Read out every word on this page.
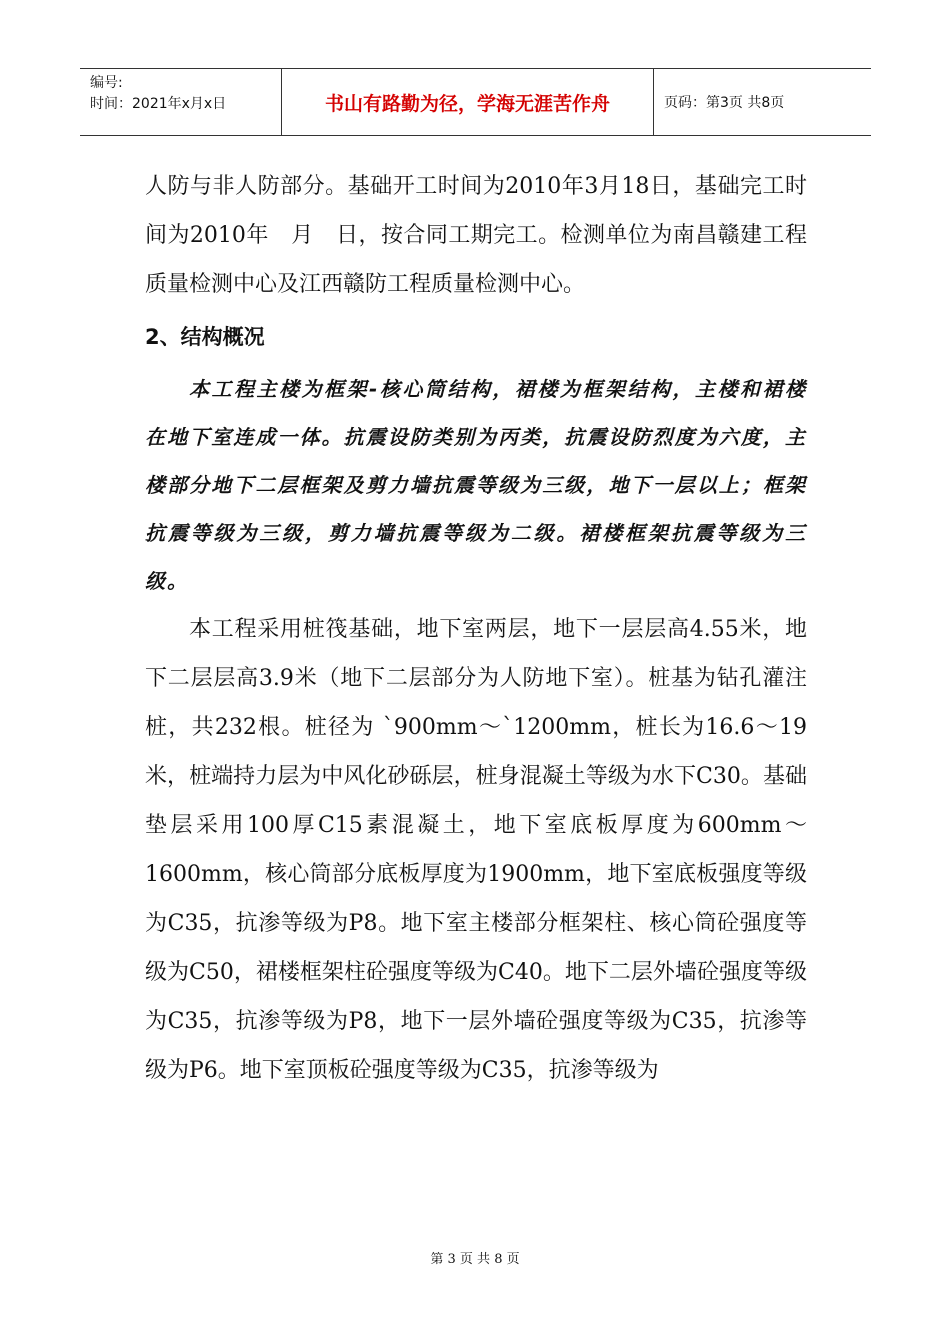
编号:
时间：2021年x月x日	书山有路勤为径，学海无涯苦作舟	页码：第3页 共8页

人防与非人防部分。基础开工时间为2010年3月18日，基础完工时间为2010年　月　日，按合同工期完工。检测单位为南昌赣建工程质量检测中心及江西赣防工程质量检测中心。

2、结构概况

本工程主楼为框架-核心筒结构，裙楼为框架结构，主楼和裙楼在地下室连成一体。抗震设防类别为丙类，抗震设防烈度为六度，主楼部分地下二层框架及剪力墙抗震等级为三级，地下一层以上；框架抗震等级为三级，剪力墙抗震等级为二级。裙楼框架抗震等级为三级。

本工程采用桩筏基础，地下室两层，地下一层层高4.55米，地下二层层高3.9米（地下二层部分为人防地下室）。桩基为钻孔灌注桩，共232根。桩径为 `900mm～`1200mm，桩长为16.6～19米，桩端持力层为中风化砂砾层，桩身混凝土等级为水下C30。基础垫层采用100厚C15素混凝土，地下室底板厚度为600mm～1600mm，核心筒部分底板厚度为1900mm，地下室底板强度等级为C35，抗渗等级为P8。地下室主楼部分框架柱、核心筒砼强度等级为C50，裙楼框架柱砼强度等级为C40。地下二层外墙砼强度等级为C35，抗渗等级为P8，地下一层外墙砼强度等级为C35，抗渗等级为P6。地下室顶板砼强度等级为C35，抗渗等级为

第 3 页 共 8 页
